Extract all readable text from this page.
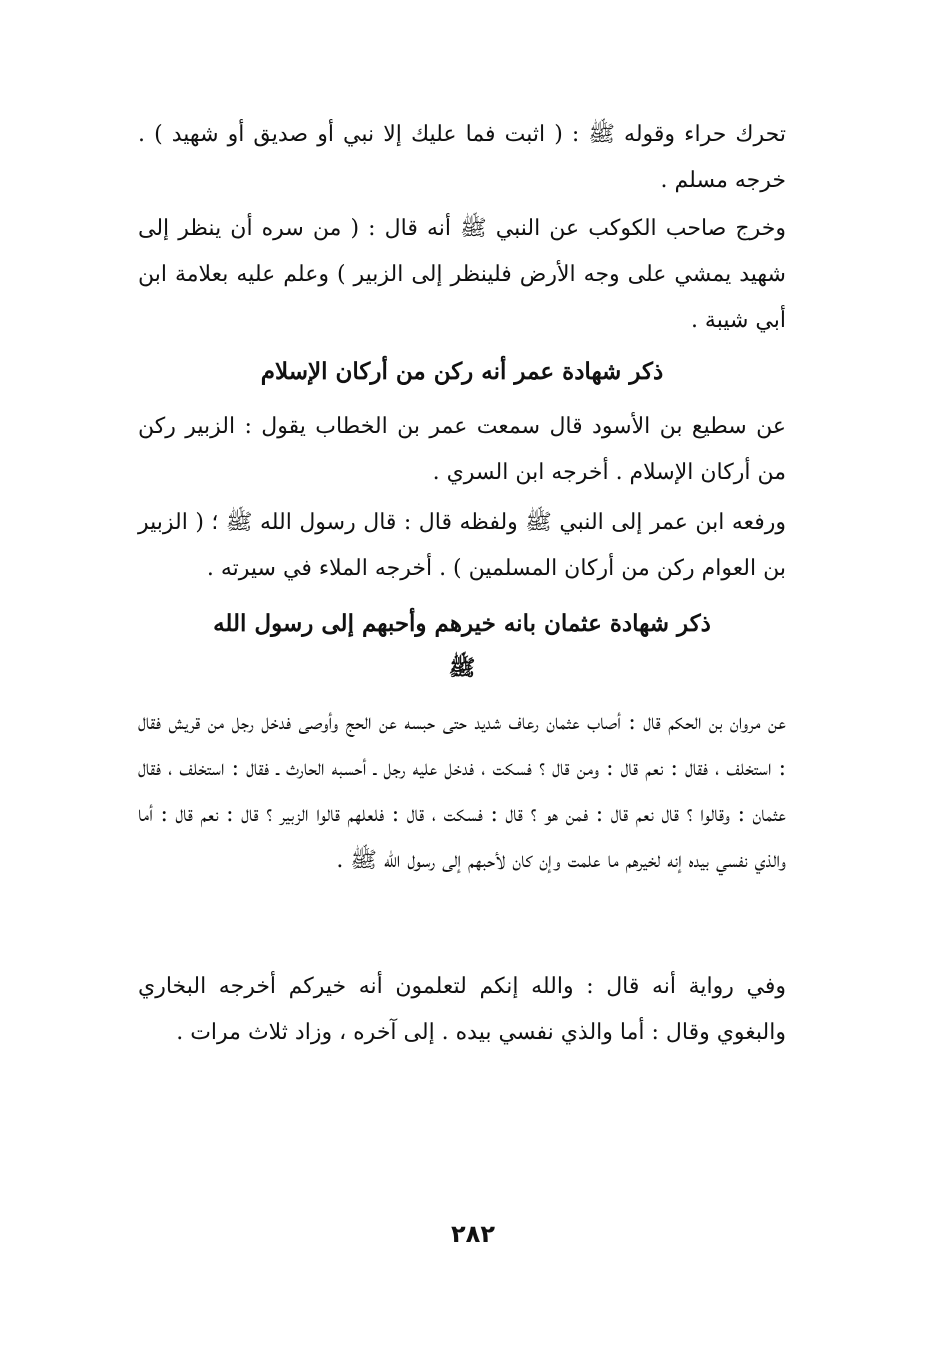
تحرك حراء وقوله ﷺ : ( اثبت فما عليك إلا نبي أو صديق أو شهيد ) . خرجه مسلم .

وخرج صاحب الكوكب عن النبي ﷺ أنه قال : ( من سره أن ينظر إلى شهيد يمشي على وجه الأرض فلينظر إلى الزبير ) وعلم عليه بعلامة ابن أبي شيبة .

ذكر شهادة عمر أنه ركن من أركان الإسلام

عن سطيع بن الأسود قال سمعت عمر بن الخطاب يقول : الزبير ركن من أركان الإسلام . أخرجه ابن السري .

ورفعه ابن عمر إلى النبي ﷺ ولفظه قال : قال رسول الله ﷺ ؛ ( الزبير بن العوام ركن من أركان المسلمين ) . أخرجه الملاء في سيرته .

ذكر شهادة عثمان بانه خيرهم وأحبهم إلى رسول الله
ﷺ

عن مروان بن الحكم قال : أصاب عثمان رعاف شديد حتى حبسه عن الحج وأوصى فدخل رجل من قريش فقال : استخلف ، فقال : نعم قال : ومن قال ؟ فسكت ، فدخل عليه رجل ـ أحسبه الحارث ـ فقال : استخلف ، فقال عثمان : وقالوا ؟ قال نعم قال : فمن هو ؟ قال : فسكت ، قال : فلعلهم قالوا الزبير ؟ قال : نعم قال : أما والذي نفسي بيده إنه لخيرهم ما علمت وإن كان لأحبهم إلى رسول الله ﷺ .

وفي رواية أنه قال : والله إنكم لتعلمون أنه خيركم أخرجه البخاري والبغوي وقال : أما والذي نفسي بيده . إلى آخره ، وزاد ثلاث مرات .

٢٨٢
